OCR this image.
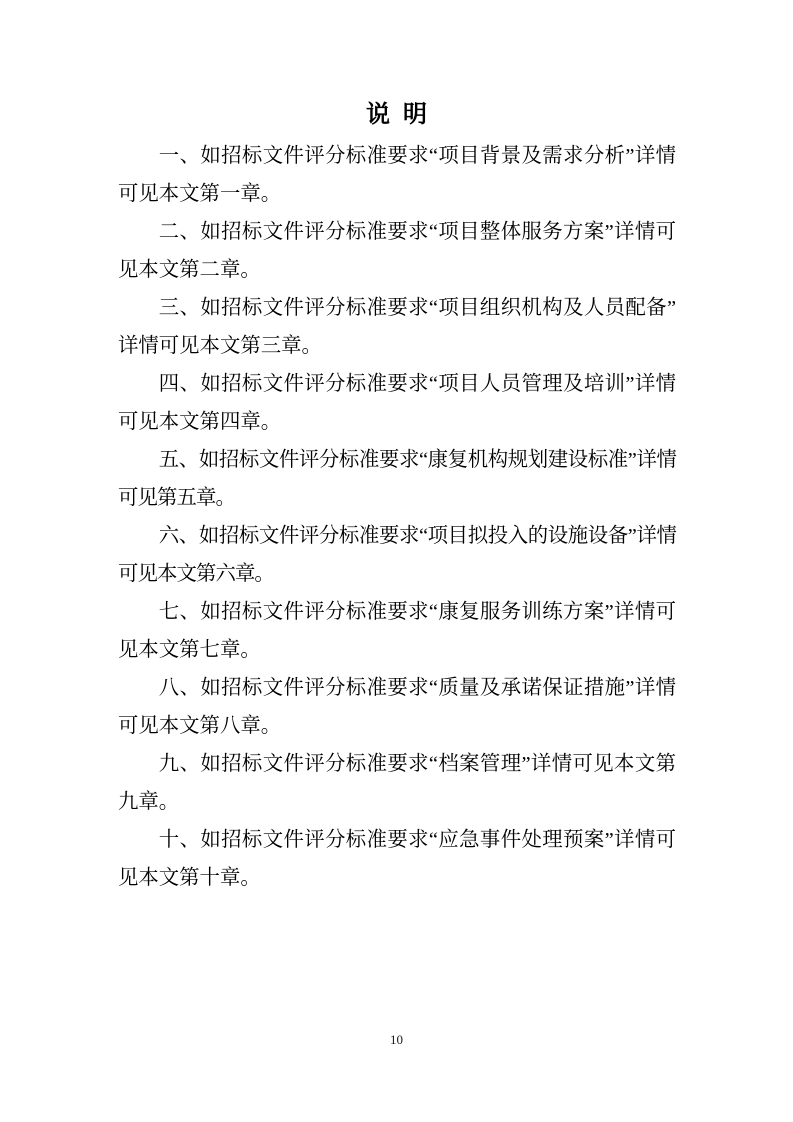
说 明

一、如招标文件评分标准要求“项目背景及需求分析”详情可见本文第一章。

二、如招标文件评分标准要求“项目整体服务方案”详情可见本文第二章。

三、如招标文件评分标准要求“项目组织机构及人员配备”详情可见本文第三章。

四、如招标文件评分标准要求“项目人员管理及培训”详情可见本文第四章。

五、如招标文件评分标准要求“康复机构规划建设标准”详情可见第五章。

六、如招标文件评分标准要求“项目拟投入的设施设备”详情可见本文第六章。

七、如招标文件评分标准要求“康复服务训练方案”详情可见本文第七章。

八、如招标文件评分标准要求“质量及承诺保证措施”详情可见本文第八章。

九、如招标文件评分标准要求“档案管理”详情可见本文第九章。

十、如招标文件评分标准要求“应急事件处理预案”详情可见本文第十章。

10
